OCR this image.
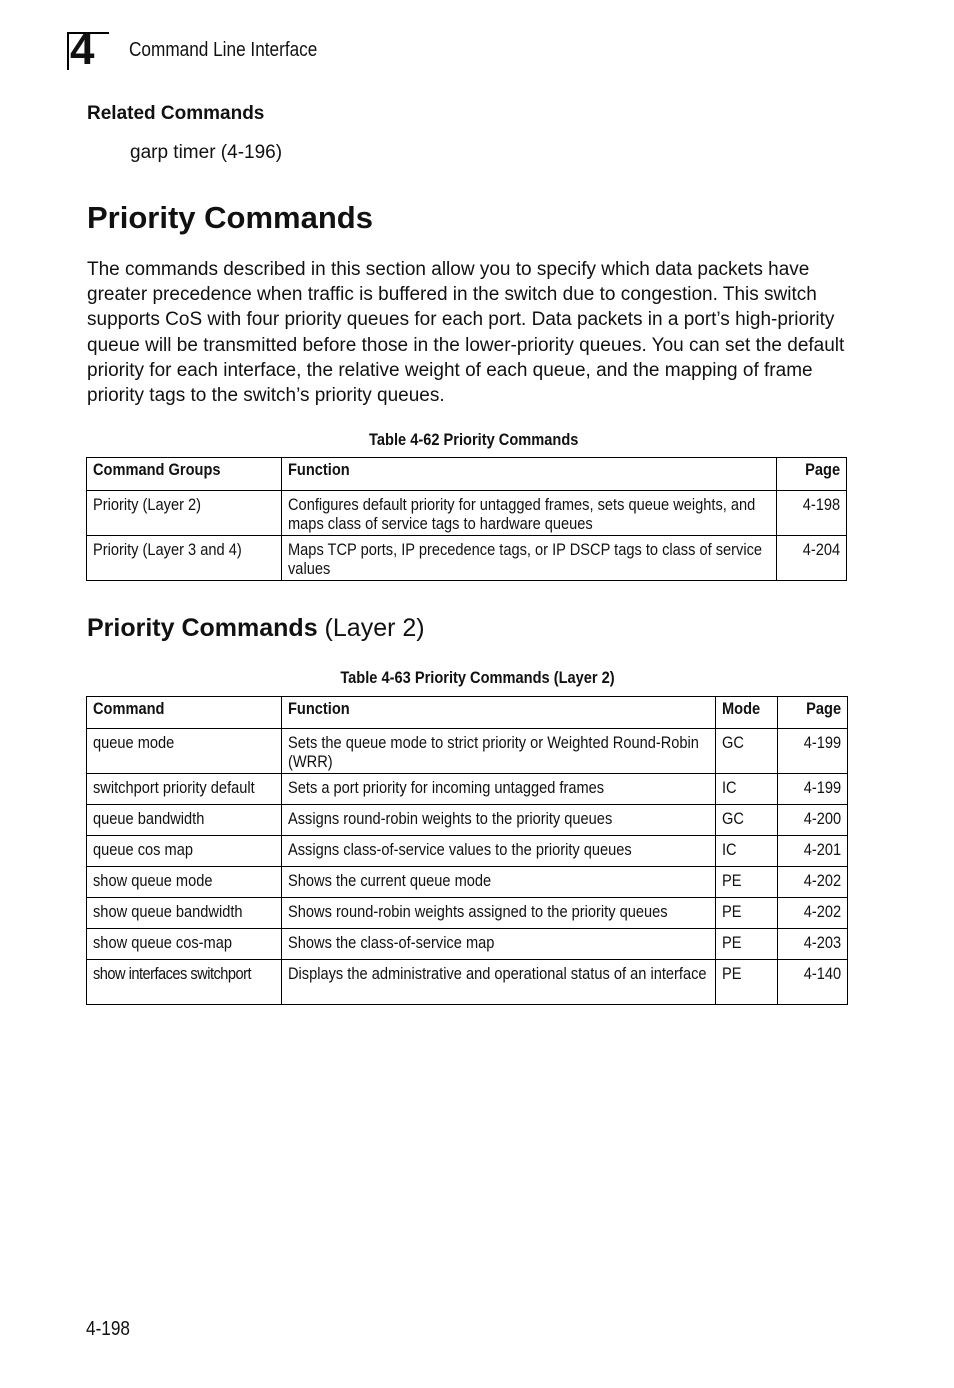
4 Command Line Interface
Related Commands
garp timer (4-196)
Priority Commands

The commands described in this section allow you to specify which data packets have greater precedence when traffic is buffered in the switch due to congestion. This switch supports CoS with four priority queues for each port. Data packets in a port’s high-priority queue will be transmitted before those in the lower-priority queues. You can set the default priority for each interface, the relative weight of each queue, and the mapping of frame priority tags to the switch’s priority queues.

Table 4-62 Priority Commands
Command Groups	Function	Page

Priority (Layer 2)	Configures default priority for untagged frames, sets queue weights, and maps class of service tags to hardware queues	4-198

Priority (Layer 3 and 4)	Maps TCP ports, IP precedence tags, or IP DSCP tags to class of service values	4-204
Priority Commands (Layer 2)
Table 4-63 Priority Commands (Layer 2)
Command	Function	Mode	Page

queue mode	Sets the queue mode to strict priority or Weighted Round-Robin (WRR)	GC	4-199

switchport priority default	Sets a port priority for incoming untagged frames	IC	4-199

queue bandwidth	Assigns round-robin weights to the priority queues	GC	4-200

queue cos map	Assigns class-of-service values to the priority queues	IC	4-201

show queue mode	Shows the current queue mode	PE	4-202

show queue bandwidth	Shows round-robin weights assigned to the priority queues	PE	4-202

show queue cos-map	Shows the class-of-service map	PE	4-203

show interfaces switchport	Displays the administrative and operational status of an interface	PE	4-140
4-198
